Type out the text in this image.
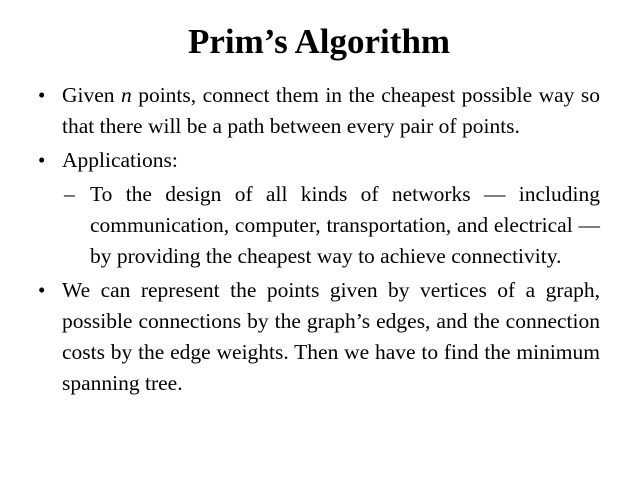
Prim’s Algorithm
• Given n points, connect them in the cheapest possible way so that there will be a path between every pair of points.
• Applications:
– To the design of all kinds of networks — including communication, computer, transportation, and electrical — by providing the cheapest way to achieve connectivity.
• We can represent the points given by vertices of a graph, possible connections by the graph’s edges, and the connection costs by the edge weights. Then we have to find the minimum spanning tree.
